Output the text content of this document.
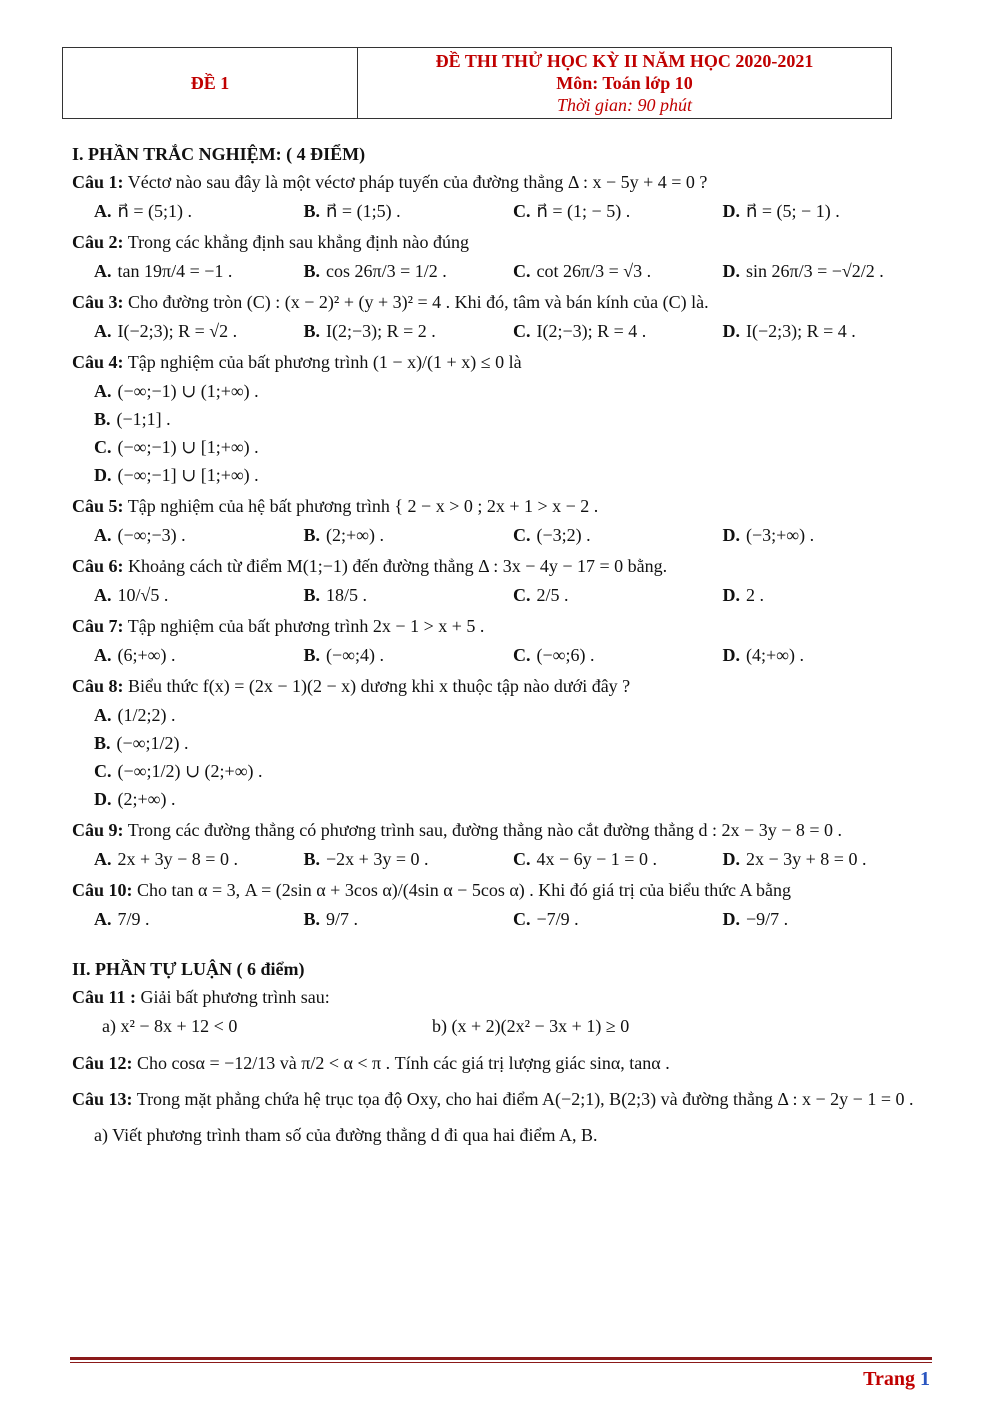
ĐỀ 1
ĐỀ THI THỬ HỌC KỲ II NĂM HỌC 2020-2021
Môn: Toán lớp 10
Thời gian: 90 phút
I. PHẦN TRẮC NGHIỆM: ( 4 ĐIỂM)
Câu 1: Véctơ nào sau đây là một véctơ pháp tuyến của đường thẳng Δ : x − 5y + 4 = 0 ?
A. n⃗ = (5;1) .	B. n⃗ = (1;5) .	C. n⃗ = (1; − 5) .	D. n⃗ = (5; − 1) .
Câu 2: Trong các khẳng định sau khẳng định nào đúng
A. tan 19π/4 = −1 .	B. cos 26π/3 = 1/2 .	C. cot 26π/3 = √3 .	D. sin 26π/3 = −√2/2 .
Câu 3: Cho đường tròn (C) : (x − 2)² + (y + 3)² = 4 . Khi đó, tâm và bán kính của (C) là.
A. I(−2;3); R = √2 .	B. I(2;−3); R = 2 .	C. I(2;−3); R = 4 .	D. I(−2;3); R = 4 .
Câu 4: Tập nghiệm của bất phương trình (1 − x)/(1 + x) ≤ 0 là
A. (−∞;−1) ∪ (1;+∞) .
B. (−1;1] .
C. (−∞;−1) ∪ [1;+∞) .
D. (−∞;−1] ∪ [1;+∞) .
Câu 5: Tập nghiệm của hệ bất phương trình { 2 − x > 0 ; 2x + 1 > x − 2 .
A. (−∞;−3) .	B. (2;+∞) .	C. (−3;2) .	D. (−3;+∞) .
Câu 6: Khoảng cách từ điểm M(1;−1) đến đường thẳng Δ : 3x − 4y − 17 = 0 bằng.
A. 10/√5 .	B. 18/5 .	C. 2/5 .	D. 2 .
Câu 7: Tập nghiệm của bất phương trình 2x − 1 > x + 5 .
A. (6;+∞) .	B. (−∞;4) .	C. (−∞;6) .	D. (4;+∞) .
Câu 8: Biểu thức f(x) = (2x − 1)(2 − x) dương khi x thuộc tập nào dưới đây ?
A. (1/2;2) .
B. (−∞;1/2) .
C. (−∞;1/2) ∪ (2;+∞) .
D. (2;+∞) .
Câu 9: Trong các đường thẳng có phương trình sau, đường thẳng nào cắt đường thẳng d : 2x − 3y − 8 = 0 .
A. 2x + 3y − 8 = 0 .	B. −2x + 3y = 0 .	C. 4x − 6y − 1 = 0 .	D. 2x − 3y + 8 = 0 .
Câu 10: Cho tan α = 3, A = (2sin α + 3cos α)/(4sin α − 5cos α) . Khi đó giá trị của biểu thức A bằng
A. 7/9 .	B. 9/7 .	C. −7/9 .	D. −9/7 .
II. PHẦN TỰ LUẬN ( 6 điểm)
Câu 11 : Giải bất phương trình sau:
a) x² − 8x + 12 < 0	b) (x + 2)(2x² − 3x + 1) ≥ 0
Câu 12: Cho cosα = −12/13 và π/2 < α < π . Tính các giá trị lượng giác sinα, tanα .
Câu 13: Trong mặt phẳng chứa hệ trục tọa độ Oxy, cho hai điểm A(−2;1), B(2;3) và đường thẳng Δ : x − 2y − 1 = 0 .
a) Viết phương trình tham số của đường thẳng d đi qua hai điểm A, B.
Trang 1
